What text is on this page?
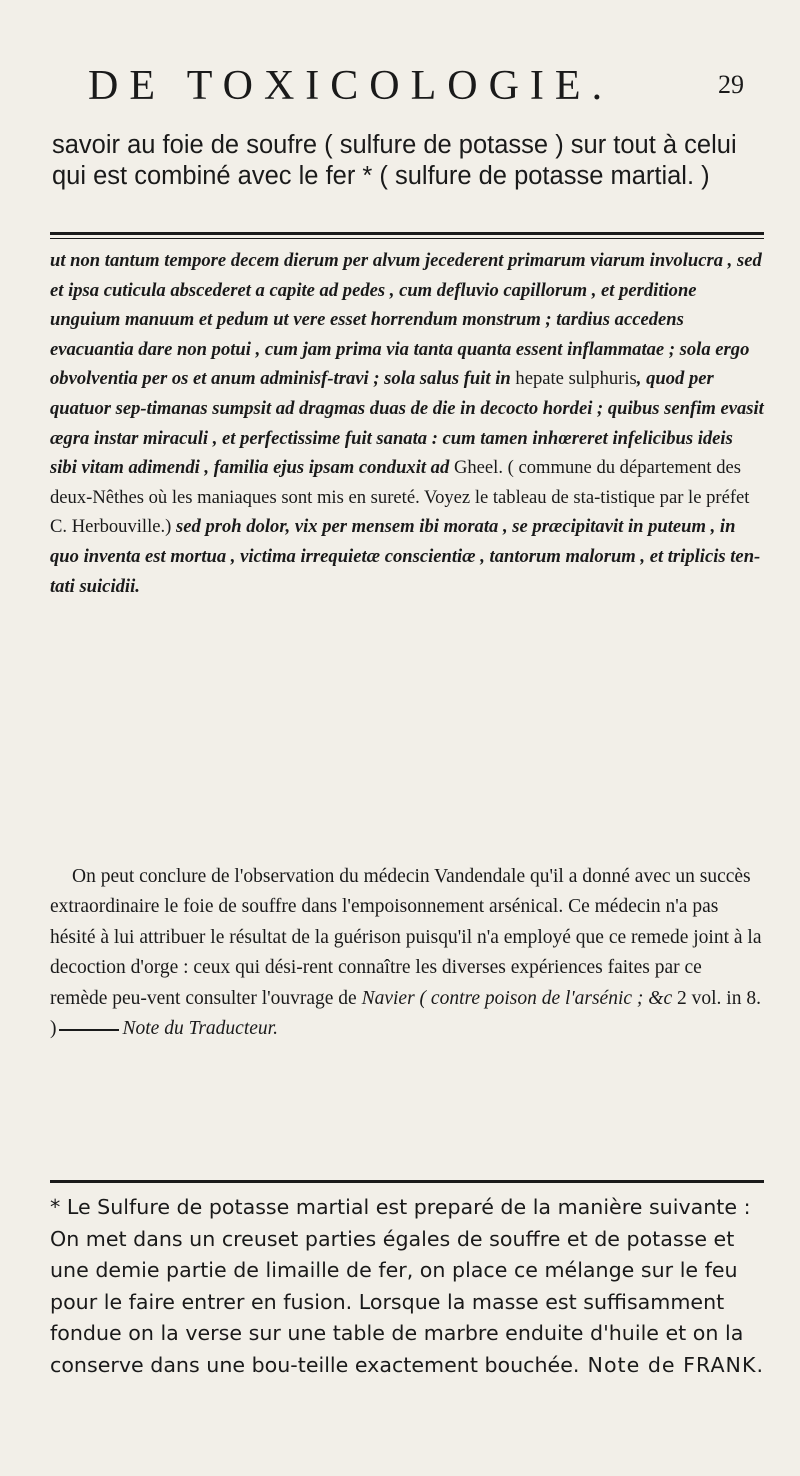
DE TOXICOLOGIE.	29
savoir au foie de soufre ( sulfure de potasse ) sur tout à celui qui est combiné avec le fer * ( sulfure de potasse martial. )

ut non tantum tempore decem dierum per alvum jecederent primarum viarum involucra , sed et ipsa cuticula abscederet a capite ad pedes , cum defluvio capillorum , et perditione unguium manuum et pedum ut vere esset horrendum monstrum ; tardius accedens evacuantia dare non potui , cum jam prima via tanta quanta essent inflammatae ; sola ergo obvolventia per os et anum adminisf-travi ; sola salus fuit in hepate sulphuris, quod per quatuor sep-timanas sumpsit ad dragmas duas de die in decocto hordei ; quibus senfim evasit ægra instar miraculi , et perfectissime fuit sanata : cum tamen inhœreret infelicibus ideis sibi vitam adimendi , familia ejus ipsam conduxit ad Gheel. ( commune du département des deux-Nêthes où les maniaques sont mis en sureté. Voyez le tableau de sta-tistique par le préfet C. Herbouville.) sed proh dolor, vix per mensem ibi morata , se præcipitavit in puteum , in quo inventa est mortua , victima irrequietæ conscientiæ , tantorum malorum , et triplicis ten-tati suicidii.

On peut conclure de l'observation du médecin Vandendale qu'il a donné avec un succès extraordinaire le foie de souffre dans l'empoisonnement arsénical. Ce médecin n'a pas hésité à lui attribuer le résultat de la guérison puisqu'il n'a employé que ce remede joint à la decoction d'orge : ceux qui dési-rent connaître les diverses expériences faites par ce remède peu-vent consulter l'ouvrage de Navier ( contre poison de l'arsénic ; &c 2 vol. in 8. )	Note du Traducteur.

* Le Sulfure de potasse martial est preparé de la manière suivante :

On met dans un creuset parties égales de souffre et de potasse et une demie partie de limaille de fer, on place ce mélange sur le feu pour le faire entrer en fusion. Lorsque la masse est suffisamment fondue on la verse sur une table de marbre enduite d'huile et on la conserve dans une bou-teille exactement bouchée. Note de FRANK.
